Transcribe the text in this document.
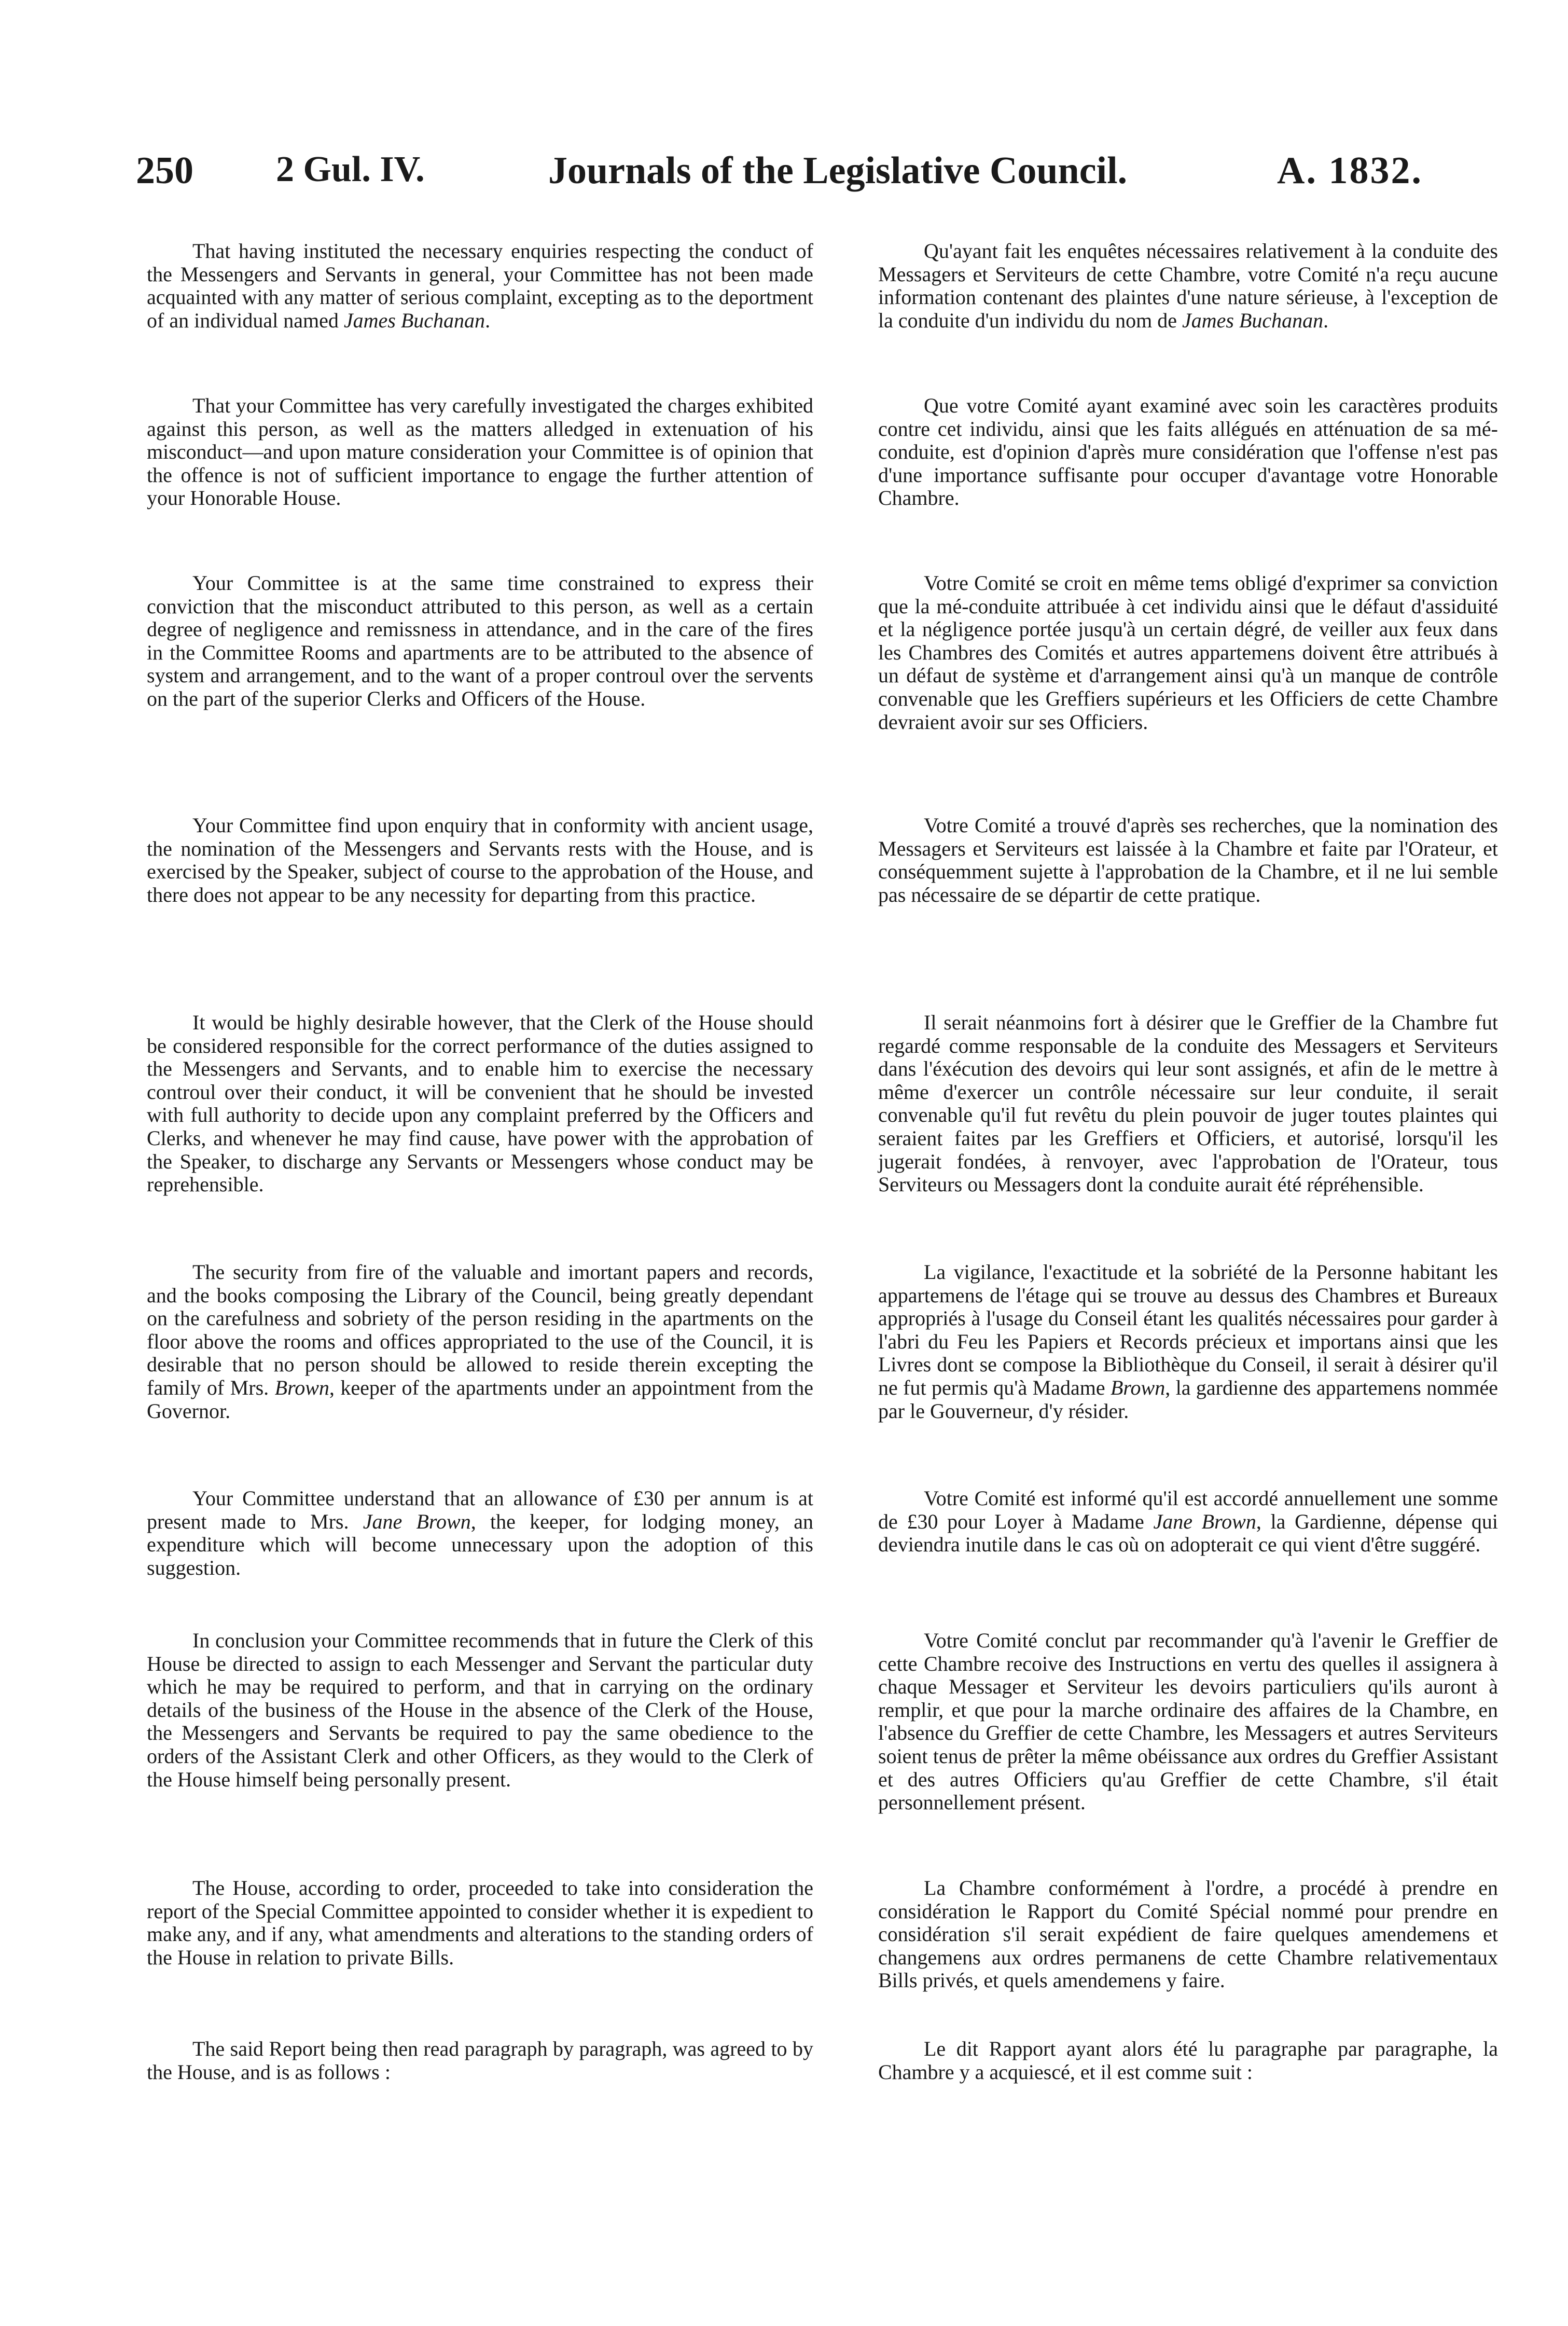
250 2 Gul. IV.	Journals of the Legislative Council.	A. 1832.

That having instituted the necessary enquiries respecting the conduct of the Messengers and Servants in general, your Committee has not been made acquainted with any matter of serious complaint, excepting as to the deportment of an individual named James Buchanan.

That your Committee has very carefully investigated the charges exhibited against this person, as well as the matters alledged in extenuation of his misconduct—and upon mature consideration your Committee is of opinion that the offence is not of sufficient importance to engage the further attention of your Honorable House.

Your Committee is at the same time constrained to express their conviction that the misconduct attributed to this person, as well as a certain degree of negligence and remissness in attendance, and in the care of the fires in the Committee Rooms and apartments are to be attributed to the absence of system and arrangement, and to the want of a proper controul over the servents on the part of the superior Clerks and Officers of the House.

Your Committee find upon enquiry that in conformity with ancient usage, the nomination of the Messengers and Servants rests with the House, and is exercised by the Speaker, subject of course to the approbation of the House, and there does not appear to be any necessity for departing from this practice.

It would be highly desirable however, that the Clerk of the House should be considered responsible for the correct performance of the duties assigned to the Messengers and Servants, and to enable him to exercise the necessary controul over their conduct, it will be convenient that he should be invested with full authority to decide upon any complaint preferred by the Officers and Clerks, and whenever he may find cause, have power with the approbation of the Speaker, to discharge any Servants or Messengers whose conduct may be reprehensible.

The security from fire of the valuable and imortant papers and records, and the books composing the Library of the Council, being greatly dependant on the carefulness and sobriety of the person residing in the apartments on the floor above the rooms and offices appropriated to the use of the Council, it is desirable that no person should be allowed to reside therein excepting the family of Mrs. Brown, keeper of the apartments under an appointment from the Governor.

Your Committee understand that an allowance of £30 per annum is at present made to Mrs. Jane Brown, the keeper, for lodging money, an expenditure which will become unnecessary upon the adoption of this suggestion.

In conclusion your Committee recommends that in future the Clerk of this House be directed to assign to each Messenger and Servant the particular duty which he may be required to perform, and that in carrying on the ordinary details of the business of the House in the absence of the Clerk of the House, the Messengers and Servants be required to pay the same obedience to the orders of the Assistant Clerk and other Officers, as they would to the Clerk of the House himself being personally present.

The House, according to order, proceeded to take into consideration the report of the Special Committee appointed to consider whether it is expedient to make any, and if any, what amendments and alterations to the standing orders of the House in relation to private Bills.

The said Report being then read paragraph by paragraph, was agreed to by the House, and is as follows :

Qu'ayant fait les enquêtes nécessaires relativement à la conduite des Messagers et Serviteurs de cette Chambre, votre Comité n'a reçu aucune information contenant des plaintes d'une nature sérieuse, à l'exception de la conduite d'un individu du nom de James Buchanan.

Que votre Comité ayant examiné avec soin les caractères produits contre cet individu, ainsi que les faits allégués en atténuation de sa mé-conduite, est d'opinion d'après mure considération que l'offense n'est pas d'une importance suffisante pour occuper d'avantage votre Honorable Chambre.

Votre Comité se croit en même tems obligé d'exprimer sa conviction que la mé-conduite attribuée à cet individu ainsi que le défaut d'assiduité et la négligence portée jusqu'à un certain dégré, de veiller aux feux dans les Chambres des Comités et autres appartemens doivent être attribués à un défaut de système et d'arrangement ainsi qu'à un manque de contrôle convenable que les Greffiers supérieurs et les Officiers de cette Chambre devraient avoir sur ses Officiers.

Votre Comité a trouvé d'après ses recherches, que la nomination des Messagers et Serviteurs est laissée à la Chambre et faite par l'Orateur, et conséquemment sujette à l'approbation de la Chambre, et il ne lui semble pas nécessaire de se départir de cette pratique.

Il serait néanmoins fort à désirer que le Greffier de la Chambre fut regardé comme responsable de la conduite des Messagers et Serviteurs dans l'éxécution des devoirs qui leur sont assignés, et afin de le mettre à même d'exercer un contrôle nécessaire sur leur conduite, il serait convenable qu'il fut revêtu du plein pouvoir de juger toutes plaintes qui seraient faites par les Greffiers et Officiers, et autorisé, lorsqu'il les jugerait fondées, à renvoyer, avec l'approbation de l'Orateur, tous Serviteurs ou Messagers dont la conduite aurait été répréhensible.

La vigilance, l'exactitude et la sobriété de la Personne habitant les appartemens de l'étage qui se trouve au dessus des Chambres et Bureaux appropriés à l'usage du Conseil étant les qualités nécessaires pour garder à l'abri du Feu les Papiers et Records précieux et importans ainsi que les Livres dont se compose la Bibliothèque du Conseil, il serait à désirer qu'il ne fut permis qu'à Madame Brown, la gardienne des appartemens nommée par le Gouverneur, d'y résider.

Votre Comité est informé qu'il est accordé annuellement une somme de £30 pour Loyer à Madame Jane Brown, la Gardienne, dépense qui deviendra inutile dans le cas où on adopterait ce qui vient d'être suggéré.

Votre Comité conclut par recommander qu'à l'avenir le Greffier de cette Chambre recoive des Instructions en vertu des quelles il assignera à chaque Messager et Serviteur les devoirs particuliers qu'ils auront à remplir, et que pour la marche ordinaire des affaires de la Chambre, en l'absence du Greffier de cette Chambre, les Messagers et autres Serviteurs soient tenus de prêter la même obéissance aux ordres du Greffier Assistant et des autres Officiers qu'au Greffier de cette Chambre, s'il était personnellement présent.

La Chambre conformément à l'ordre, a procédé à prendre en considération le Rapport du Comité Spécial nommé pour prendre en considération s'il serait expédient de faire quelques amendemens et changemens aux ordres permanens de cette Chambre relativementaux Bills privés, et quels amendemens y faire.

Le dit Rapport ayant alors été lu paragraphe par paragraphe, la Chambre y a acquiescé, et il est comme suit :
